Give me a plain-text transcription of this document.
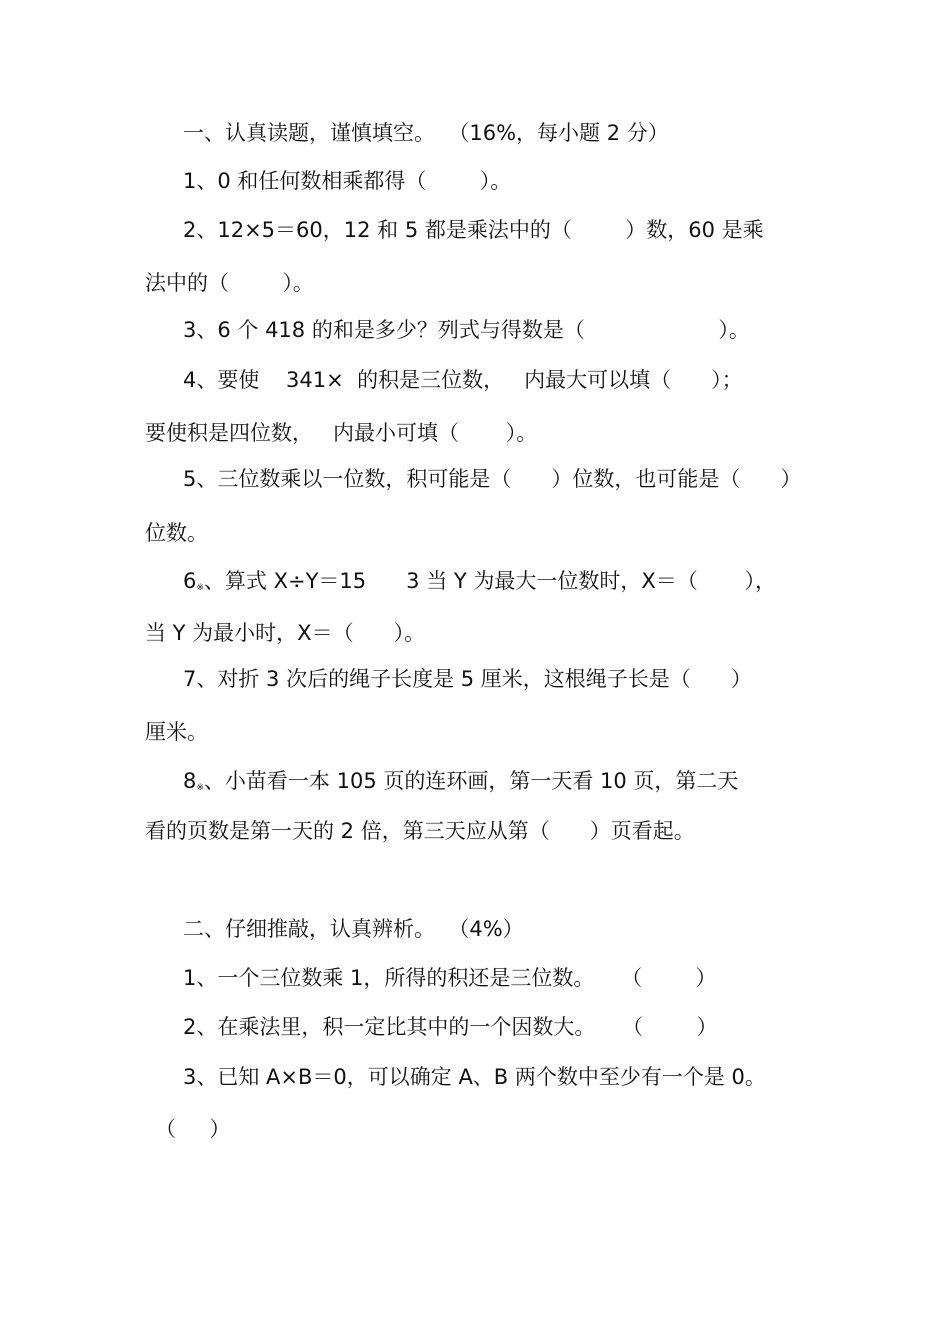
一、认真读题，谨慎填空。  （16%，每小题 2 分）
1、0 和任何数相乘都得（        ）。
2、12×5＝60，12 和 5 都是乘法中的（        ）数，60 是乘
法中的（        ）。
3、6 个 418 的和是多少？列式与得数是（                    ）。
4、要使    341×  的积是三位数，   内最大可以填（      ）；
要使积是四位数，   内最小可填（       ）。
5、三位数乘以一位数，积可能是（      ）位数，也可能是（      ）
位数。
6※、算式 X÷Y＝15      3 当 Y 为最大一位数时，X＝（       ），
当 Y 为最小时，X＝（      ）。
7、对折 3 次后的绳子长度是 5 厘米，这根绳子长是（      ）
厘米。
8※、小苗看一本 105 页的连环画，第一天看 10 页，第二天
看的页数是第一天的 2 倍，第三天应从第（      ）页看起。
二、仔细推敲，认真辨析。  （4%）
1、一个三位数乘 1，所得的积还是三位数。    （        ）
2、在乘法里，积一定比其中的一个因数大。    （        ）
3、已知 A×B＝0，可以确定 A、B 两个数中至少有一个是 0。
（     ）
